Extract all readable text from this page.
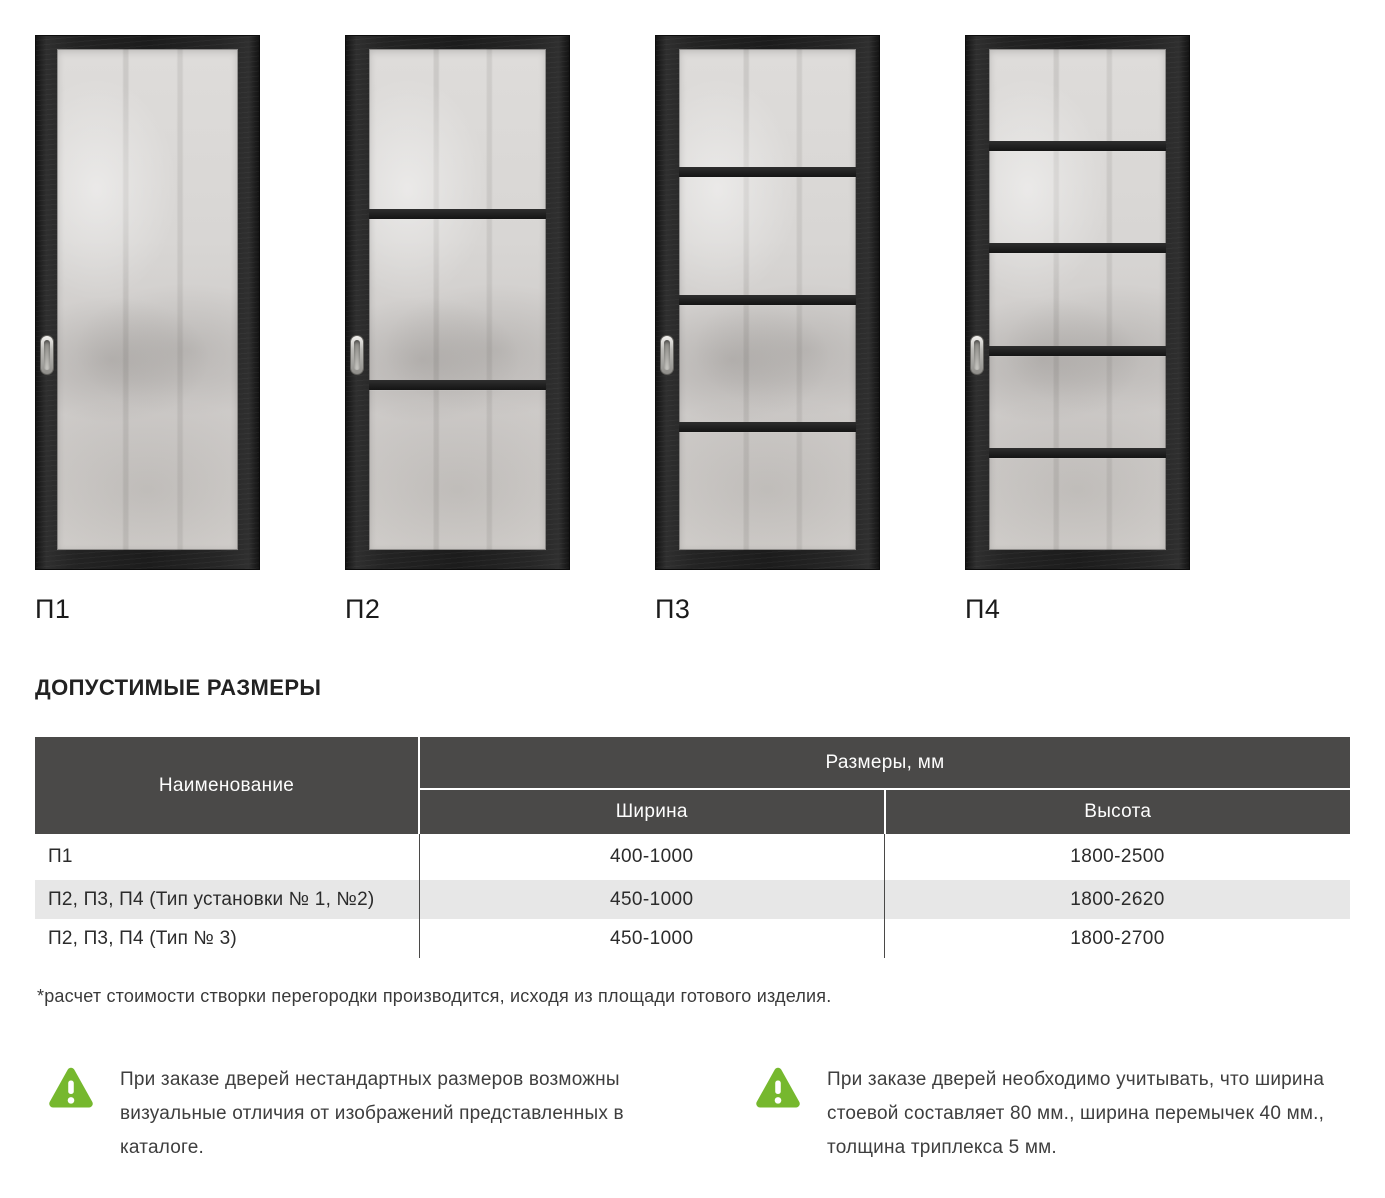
П1	П2	П3	П4
ДОПУСТИМЫЕ РАЗМЕРЫ
Наименование	Размеры, мм	
	Ширина	Высота
П1	400-1000	1800-2500
П2, П3, П4 (Тип установки № 1, №2)	450-1000	1800-2620
П2, П3, П4 (Тип № 3)	450-1000	1800-2700

*расчет стоимости створки перегородки производится, исходя из площади готового изделия.

При заказе дверей нестандартных размеров возможны визуальные отличия от изображений представленных в каталоге.

При заказе дверей необходимо учитывать, что ширина стоевой составляет 80 мм., ширина перемычек 40 мм., толщина триплекса 5 мм.
